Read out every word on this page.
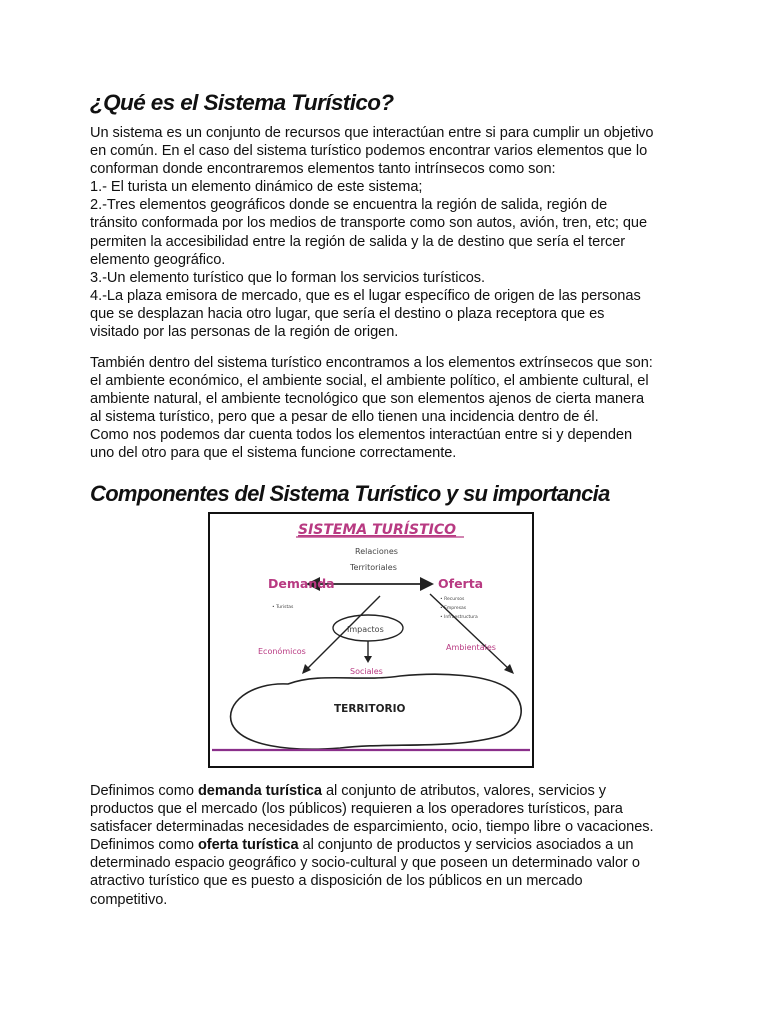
¿Qué es el Sistema Turístico?

Un sistema es un conjunto de recursos que interactúan entre si para cumplir un objetivo

en común. En el caso del sistema turístico podemos encontrar varios elementos que lo

conforman donde encontraremos elementos tanto intrínsecos como son:

1.- El turista un elemento dinámico de este sistema;

2.-Tres elementos geográficos donde se encuentra la región de salida, región de

tránsito conformada por los medios de transporte como son autos, avión, tren, etc; que

permiten la accesibilidad entre la región de salida y la de destino que sería el tercer

elemento geográfico.

3.-Un elemento turístico que lo forman los servicios turísticos.

4.-La plaza emisora de mercado, que es el lugar específico de origen de las personas

que se desplazan hacia otro lugar, que sería el destino o plaza receptora que es

visitado por las personas de la región de origen.

También dentro del sistema turístico encontramos a los elementos extrínsecos que son:

el ambiente económico, el ambiente social, el ambiente político, el ambiente cultural, el

ambiente natural, el ambiente tecnológico que son elementos ajenos de cierta manera

al sistema turístico, pero que a pesar de ello tienen una incidencia dentro de él.

Como nos podemos dar cuenta todos los elementos interactúan entre si y dependen

uno del otro para que el sistema funcione correctamente.

Componentes del Sistema Turístico y su importancia

Definimos como demanda turística al conjunto de atributos, valores, servicios y

productos que el mercado (los públicos) requieren a los operadores turísticos, para

satisfacer determinadas necesidades de esparcimiento, ocio, tiempo libre o vacaciones.

Definimos como oferta turística al conjunto de productos y servicios asociados a un

determinado espacio geográfico y socio-cultural y que poseen un determinado valor o

atractivo turístico que es puesto a disposición de los públicos en un mercado

competitivo.

SISTEMA TURÍSTICO
Relaciones
Territoriales
Demanda
• Turistas
Oferta
• Recursos
• Empresas
• Infraestructura
Impactos
Económicos	Ambientales
Sociales
TERRITORIO
